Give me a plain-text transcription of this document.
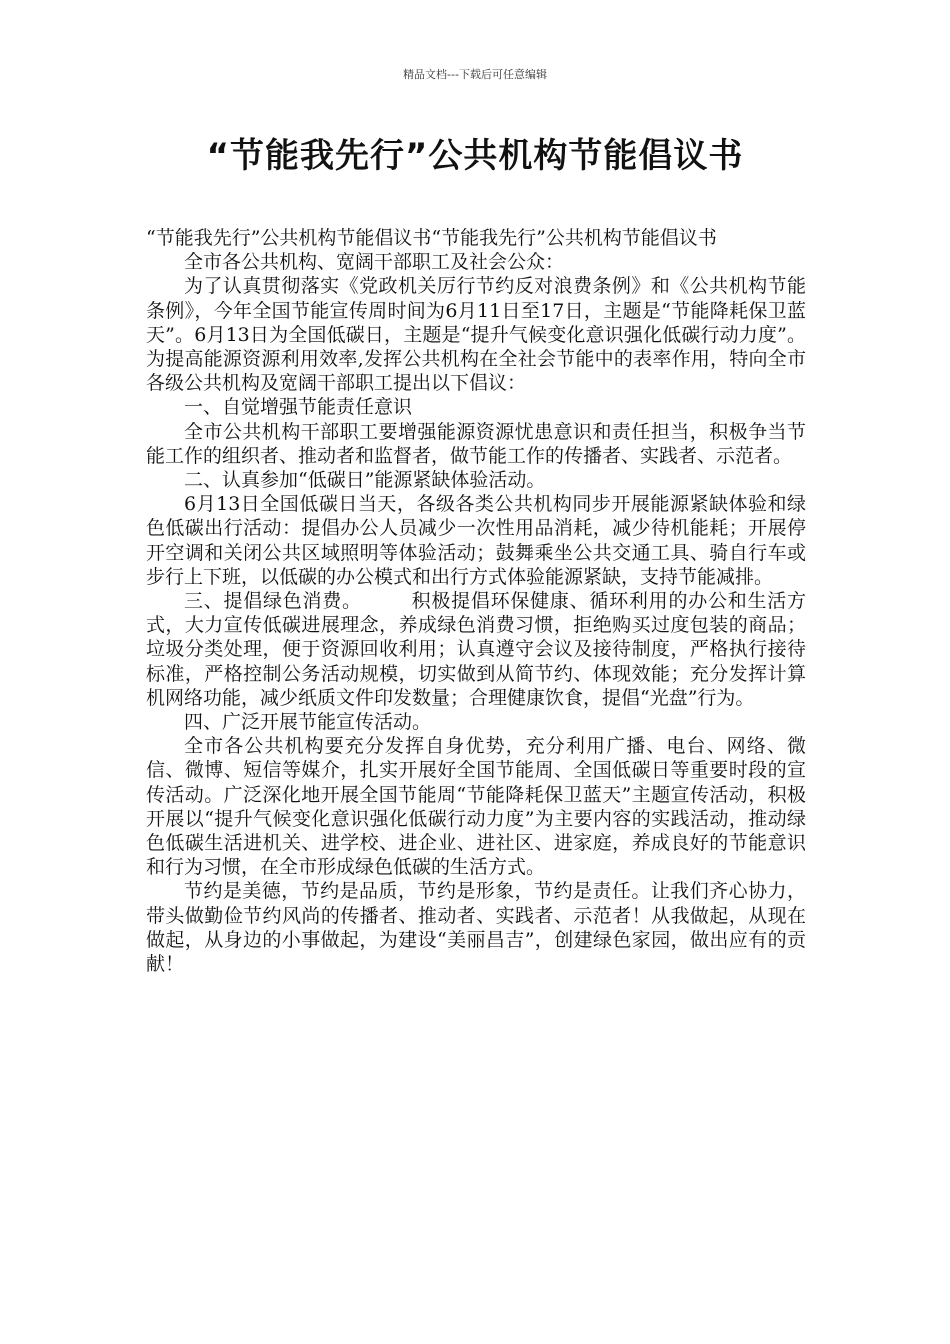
精品文档---下载后可任意编辑
“节能我先行”公共机构节能倡议书

“节能我先行”公共机构节能倡议书“节能我先行”公共机构节能倡议书

全市各公共机构、宽阔干部职工及社会公众：

为了认真贯彻落实《党政机关厉行节约反对浪费条例》和《公共机构节能条例》，今年全国节能宣传周时间为6月11日至17日，主题是“节能降耗保卫蓝天”。6月13日为全国低碳日，主题是“提升气候变化意识强化低碳行动力度”。为提高能源资源利用效率,发挥公共机构在全社会节能中的表率作用，特向全市各级公共机构及宽阔干部职工提出以下倡议：

一、自觉增强节能责任意识

全市公共机构干部职工要增强能源资源忧患意识和责任担当，积极争当节能工作的组织者、推动者和监督者，做节能工作的传播者、实践者、示范者。

二、认真参加“低碳日”能源紧缺体验活动。

6月13日全国低碳日当天，各级各类公共机构同步开展能源紧缺体验和绿色低碳出行活动：提倡办公人员减少一次性用品消耗，减少待机能耗；开展停开空调和关闭公共区域照明等体验活动；鼓舞乘坐公共交通工具、骑自行车或步行上下班，以低碳的办公模式和出行方式体验能源紧缺，支持节能减排。

三、提倡绿色消费。　　　积极提倡环保健康、循环利用的办公和生活方式，大力宣传低碳进展理念，养成绿色消费习惯，拒绝购买过度包装的商品；垃圾分类处理，便于资源回收利用；认真遵守会议及接待制度，严格执行接待标准，严格控制公务活动规模，切实做到从简节约、体现效能；充分发挥计算机网络功能，减少纸质文件印发数量；合理健康饮食，提倡“光盘”行为。

四、广泛开展节能宣传活动。

全市各公共机构要充分发挥自身优势，充分利用广播、电台、网络、微信、微博、短信等媒介，扎实开展好全国节能周、全国低碳日等重要时段的宣传活动。广泛深化地开展全国节能周“节能降耗保卫蓝天”主题宣传活动，积极开展以“提升气候变化意识强化低碳行动力度”为主要内容的实践活动，推动绿色低碳生活进机关、进学校、进企业、进社区、进家庭，养成良好的节能意识和行为习惯，在全市形成绿色低碳的生活方式。

节约是美德，节约是品质，节约是形象，节约是责任。让我们齐心协力，带头做勤俭节约风尚的传播者、推动者、实践者、示范者！从我做起，从现在做起，从身边的小事做起，为建设“美丽昌吉”，创建绿色家园，做出应有的贡献！
